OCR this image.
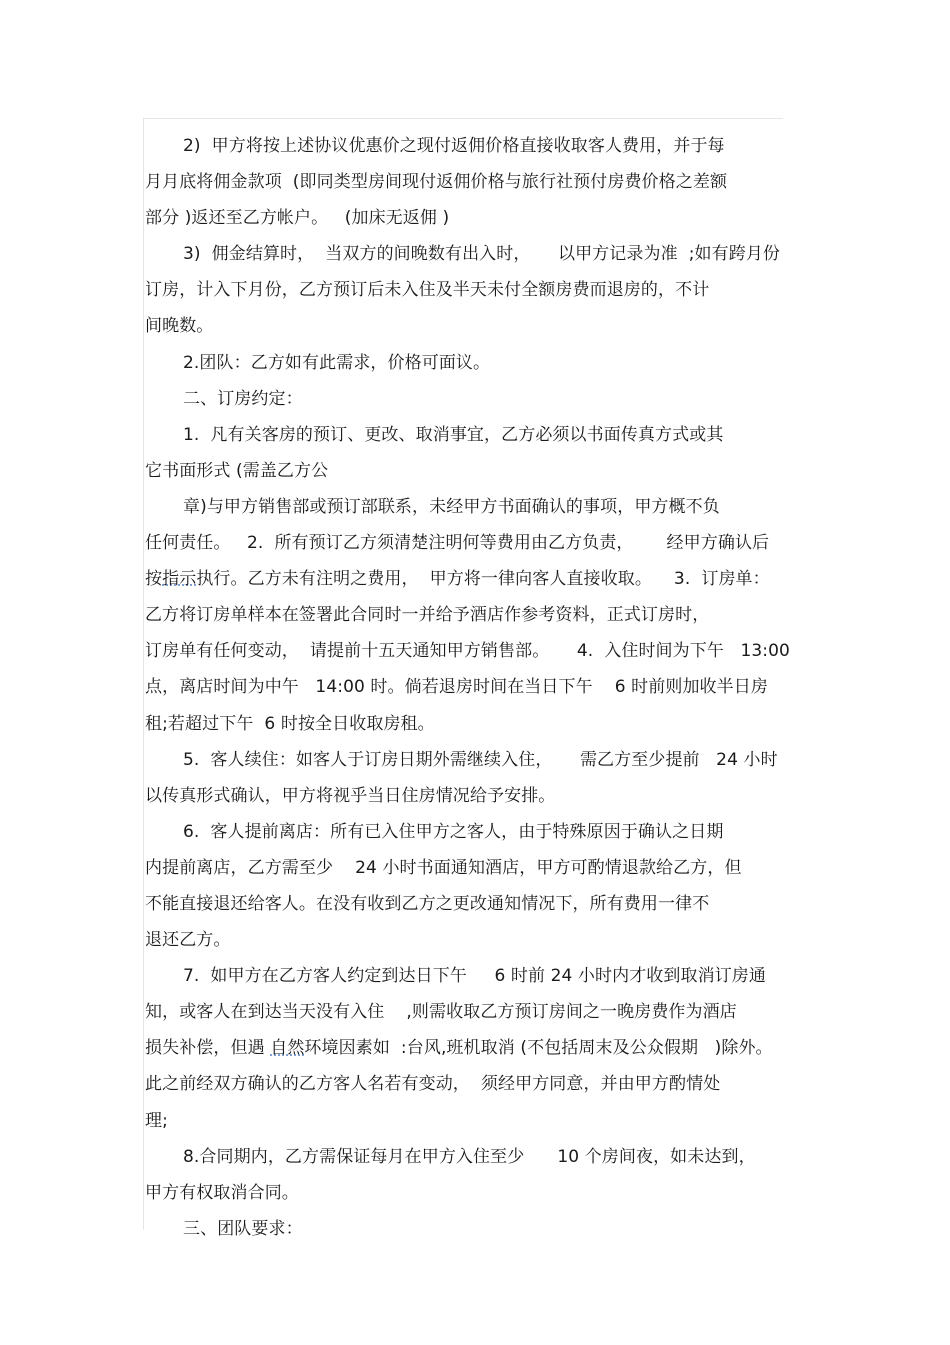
2)  甲方将按上述协议优惠价之现付返佣价格直接收取客人费用，并于每
月月底将佣金款项  (即同类型房间现付返佣价格与旅行社预付房费价格之差额
部分 )返还至乙方帐户。   (加床无返佣 )
3)  佣金结算时，  当双方的间晚数有出入时，     以甲方记录为准  ;如有跨月份
订房，计入下月份，乙方预订后未入住及半天未付全额房费而退房的，不计
间晚数。
2.团队：乙方如有此需求，价格可面议。
二、订房约定：
1.  凡有关客房的预订、更改、取消事宜，乙方必须以书面传真方式或其
它书面形式 (需盖乙方公
章)与甲方销售部或预订部联系，未经甲方书面确认的事项，甲方概不负
任何责任。   2.  所有预订乙方须清楚注明何等费用由乙方负责，      经甲方确认后
按指示执行。乙方未有注明之费用，  甲方将一律向客人直接收取。    3.  订房单：
乙方将订房单样本在签署此合同时一并给予酒店作参考资料，正式订房时，
订房单有任何变动，  请提前十五天通知甲方销售部。     4.  入住时间为下午   13:00
点，离店时间为中午   14:00 时。倘若退房时间在当日下午    6 时前则加收半日房
租;若超过下午  6 时按全日收取房租。
5.  客人续住：如客人于订房日期外需继续入住，     需乙方至少提前   24 小时
以传真形式确认，甲方将视乎当日住房情况给予安排。
6.  客人提前离店：所有已入住甲方之客人，由于特殊原因于确认之日期
内提前离店，乙方需至少    24 小时书面通知酒店，甲方可酌情退款给乙方，但
不能直接退还给客人。在没有收到乙方之更改通知情况下，所有费用一律不
退还乙方。
7.  如甲方在乙方客人约定到达日下午     6 时前 24 小时内才收到取消订房通
知，或客人在到达当天没有入住    ,则需收取乙方预订房间之一晚房费作为酒店
损失补偿，但遇 自然环境因素如  :台风,班机取消 (不包括周末及公众假期   )除外。
此之前经双方确认的乙方客人名若有变动，  须经甲方同意，并由甲方酌情处
理;
8.合同期内，乙方需保证每月在甲方入住至少      10 个房间夜，如未达到，
甲方有权取消合同。
三、团队要求：
